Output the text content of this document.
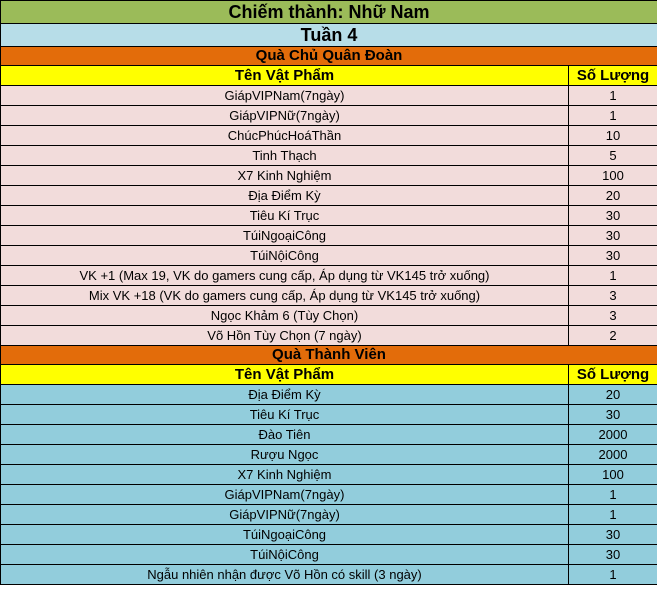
Chiếm thành: Nhữ Nam	
Tuần 4	
Quà Chủ Quân Đoàn	
Tên Vật Phẩm	Số Lượng
GiápVIPNam(7ngày)	1
GiápVIPNữ(7ngày)	1
ChúcPhúcHoáThần	10
Tinh Thạch	5
X7 Kinh Nghiệm	100
Địa Điểm Kỳ	20
Tiêu Kí Trục	30
TúiNgoạiCông	30
TúiNộiCông	30
VK +1 (Max 19, VK do gamers cung cấp, Áp dụng từ VK145 trở xuống)	1
Mix VK +18 (VK do gamers cung cấp, Áp dụng từ VK145 trở xuống)	3
Ngọc Khảm 6 (Tùy Chọn)	3
Võ Hồn Tùy Chọn (7 ngày)	2
Quà Thành Viên	
Tên Vật Phẩm	Số Lượng
Địa Điểm Kỳ	20
Tiêu Kí Trục	30
Đào Tiên	2000
Rượu Ngọc	2000
X7 Kinh Nghiệm	100
GiápVIPNam(7ngày)	1
GiápVIPNữ(7ngày)	1
TúiNgoạiCông	30
TúiNộiCông	30
Ngẫu nhiên nhận được Võ Hồn có skill (3 ngày)	1
